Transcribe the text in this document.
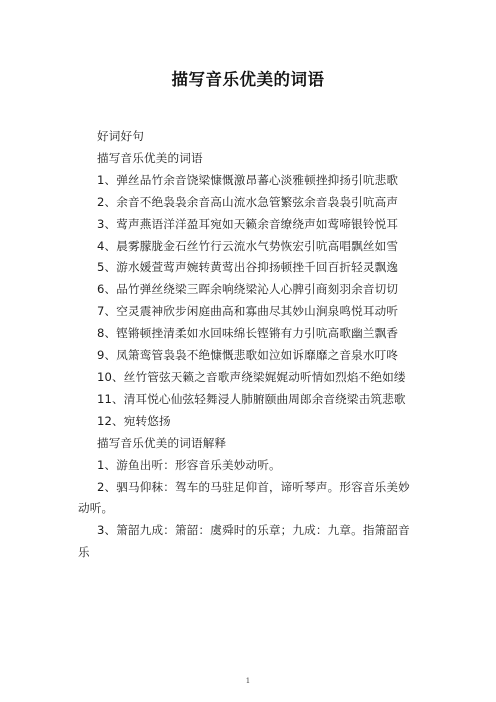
描写音乐优美的词语

好词好句

描写音乐优美的词语

1、弹丝品竹余音饶梁慷慨激昂蕃心淡雅顿挫抑扬引吭悲歌

2、余音不绝袅袅余音高山流水急管繁弦余音袅袅引吭高声

3、莺声燕语洋洋盈耳宛如天籁余音缭绕声如莺啼银铃悦耳

4、晨雾朦胧金石丝竹行云流水气势恢宏引吭高唱飘丝如雪

5、游水媛萱莺声婉转黄莺出谷抑扬顿挫千回百折轻灵飘逸

6、品竹弹丝绕梁三晖余响绕梁沁人心脾引商刻羽余音切切

7、空灵震神欣步闲庭曲高和寡曲尽其妙山涧泉鸣悦耳动听

8、铿锵顿挫清柔如水回味绵长铿锵有力引吭高歌幽兰飘香

9、凤箫鸾管袅袅不绝慷慨悲歌如泣如诉靡靡之音泉水叮咚

10、丝竹管弦天籁之音歌声绕梁娓娓动听情如烈焰不绝如缕

11、清耳悦心仙弦轻舞浸人肺腑颐曲周郎余音绕梁击筑悲歌

12、宛转悠扬

描写音乐优美的词语解释

1、游鱼出听：形容音乐美妙动听。

2、驷马仰秣：驾车的马驻足仰首，谛听琴声。形容音乐美妙动听。

3、箫韶九成：箫韶：虞舜时的乐章；九成：九章。指箫韶音乐

1
